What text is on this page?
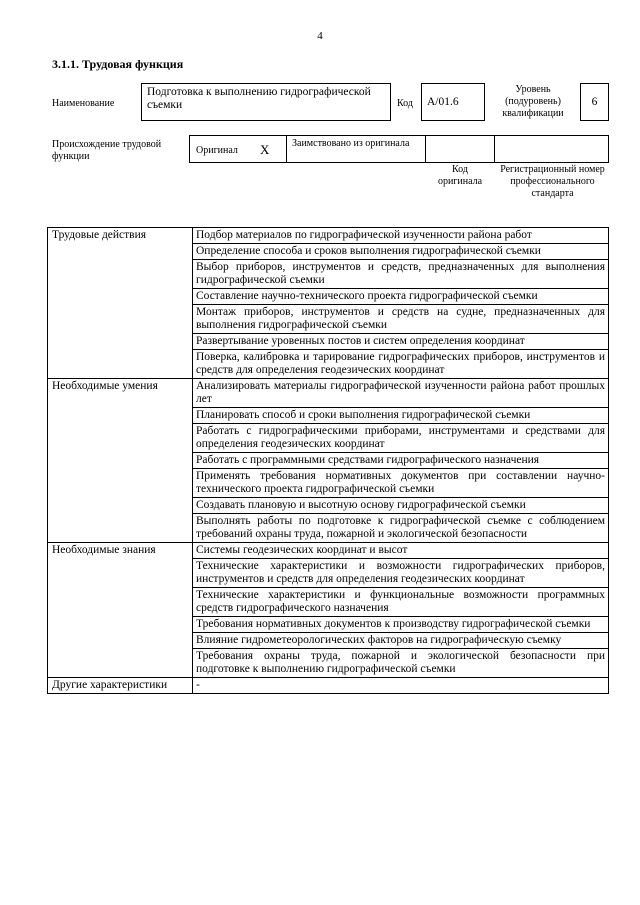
4
3.1.1. Трудовая функция
Наименование
Подготовка к выполнению гидрографической съемки	Код А/01.6
Уровень (подуровень) квалификации
6
Происхождение трудовой функции
Оригинал X Заимствовано из оригинала
Код оригинала
Регистрационный номер профессионального стандарта
Трудовые действия	Подбор материалов по гидрографической изученности района работ
	Определение способа и сроков выполнения гидрографической съемки
	Выбор приборов, инструментов и средств, предназначенных для выполнения гидрографической съемки
	Составление научно-технического проекта гидрографической съемки
	Монтаж приборов, инструментов и средств на судне, предназначенных для выполнения гидрографической съемки
	Развертывание уровенных постов и систем определения координат
	Поверка, калибровка и тарирование гидрографических приборов, инструментов и средств для определения геодезических координат
Необходимые умения	Анализировать материалы гидрографической изученности района работ прошлых лет
	Планировать способ и сроки выполнения гидрографической съемки
	Работать с гидрографическими приборами, инструментами и средствами для определения геодезических координат
	Работать с программными средствами гидрографического назначения
	Применять требования нормативных документов при составлении научно-технического проекта гидрографической съемки
	Создавать плановую и высотную основу гидрографической съемки
	Выполнять работы по подготовке к гидрографической съемке с соблюдением требований охраны труда, пожарной и экологической безопасности
Необходимые знания	Системы геодезических координат и высот
	Технические характеристики и возможности гидрографических приборов, инструментов и средств для определения геодезических координат
	Технические характеристики и функциональные возможности программных средств гидрографического назначения
	Требования нормативных документов к производству гидрографической съемки
	Влияние гидрометеорологических факторов на гидрографическую съемку
	Требования охраны труда, пожарной и экологической безопасности при подготовке к выполнению гидрографической съемки
Другие характеристики	-
